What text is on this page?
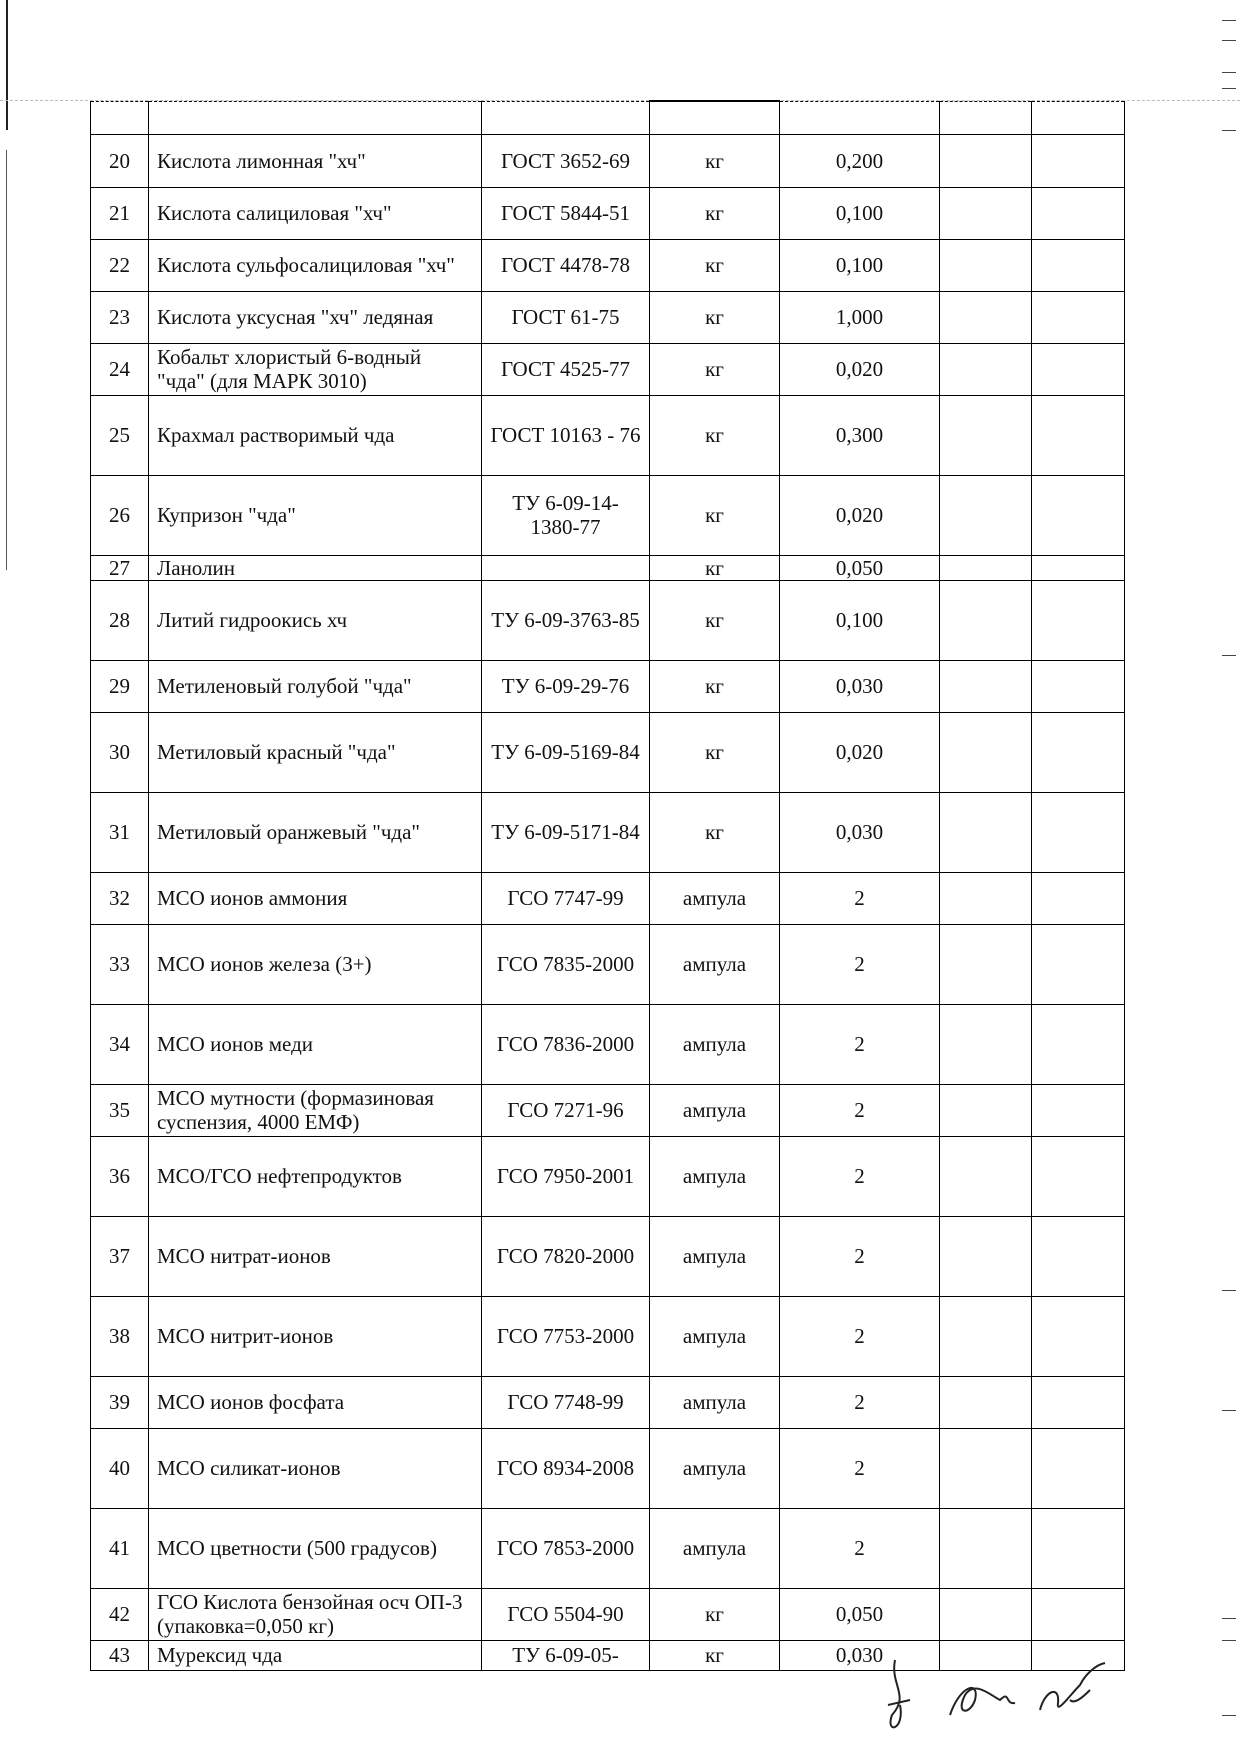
20	Кислота лимонная "хч"	ГОСТ 3652-69	кг	0,200		
21	Кислота салициловая "хч"	ГОСТ 5844-51	кг	0,100		
22	Кислота сульфосалициловая "хч"	ГОСТ 4478-78	кг	0,100		
23	Кислота уксусная "хч" ледяная	ГОСТ 61-75	кг	1,000		
24	Кобальт хлористый 6-водный "чда" (для МАРК 3010)	ГОСТ 4525-77	кг	0,020		
25	Крахмал растворимый чда	ГОСТ 10163 - 76	кг	0,300		
26	Купризон "чда"	ТУ 6-09-14-1380-77	кг	0,020		
27	Ланолин		кг	0,050		
28	Литий гидроокись хч	ТУ 6-09-3763-85	кг	0,100		
29	Метиленовый голубой "чда"	ТУ 6-09-29-76	кг	0,030		
30	Метиловый красный "чда"	ТУ 6-09-5169-84	кг	0,020		
31	Метиловый оранжевый "чда"	ТУ 6-09-5171-84	кг	0,030		
32	МСО ионов аммония	ГСО 7747-99	ампула	2		
33	МСО ионов железа (3+)	ГСО 7835-2000	ампула	2		
34	МСО ионов меди	ГСО 7836-2000	ампула	2		
35	МСО мутности (формазиновая суспензия, 4000 ЕМФ)	ГСО 7271-96	ампула	2		
36	МСО/ГСО нефтепродуктов	ГСО 7950-2001	ампула	2		
37	МСО нитрат-ионов	ГСО 7820-2000	ампула	2		
38	МСО нитрит-ионов	ГСО 7753-2000	ампула	2		
39	МСО ионов фосфата	ГСО 7748-99	ампула	2		
40	МСО силикат-ионов	ГСО 8934-2008	ампула	2		
41	МСО цветности (500 градусов)	ГСО 7853-2000	ампула	2		
42	ГСО Кислота бензойная осч ОП-3 (упаковка=0,050 кг)	ГСО 5504-90	кг	0,050		
43	Мурексид чда	ТУ 6-09-05-	кг	0,030		
